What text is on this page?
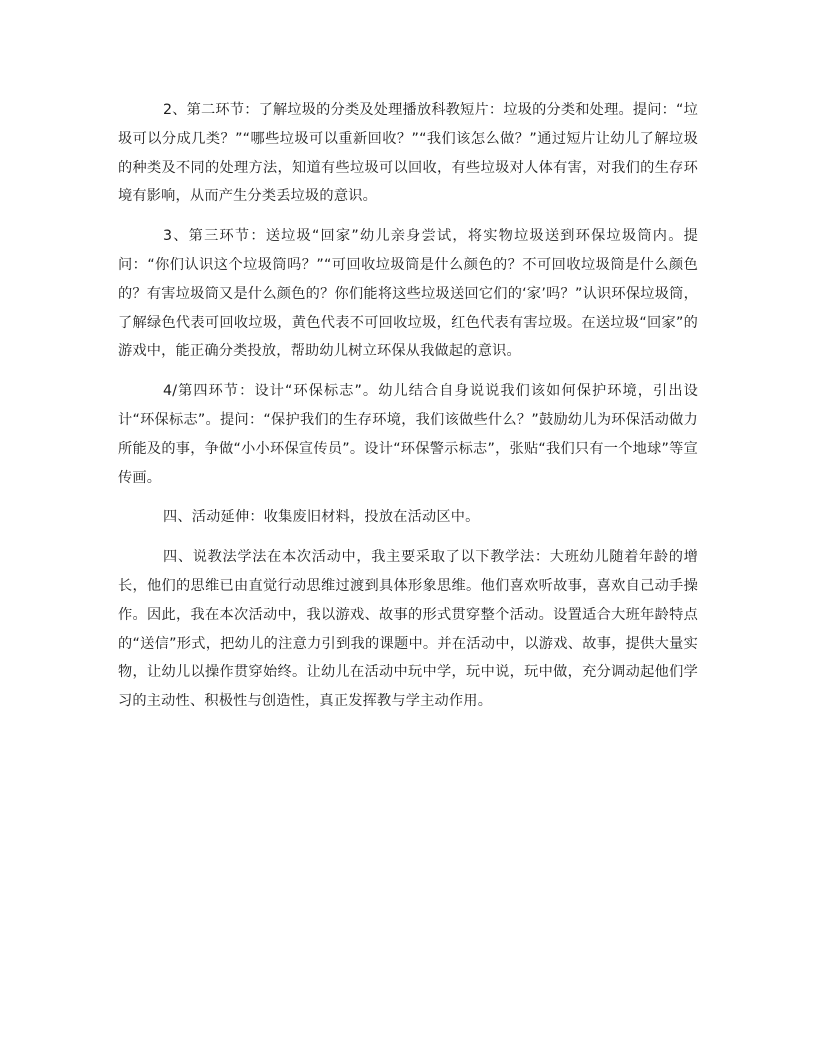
2、第二环节：了解垃圾的分类及处理播放科教短片：垃圾的分类和处理。提问：“垃圾可以分成几类？”“哪些垃圾可以重新回收？”“我们该怎么做？”通过短片让幼儿了解垃圾的种类及不同的处理方法，知道有些垃圾可以回收，有些垃圾对人体有害，对我们的生存环境有影响，从而产生分类丢垃圾的意识。

3、第三环节：送垃圾“回家”幼儿亲身尝试，将实物垃圾送到环保垃圾筒内。提问：“你们认识这个垃圾筒吗？”“可回收垃圾筒是什么颜色的？不可回收垃圾筒是什么颜色的？有害垃圾筒又是什么颜色的？你们能将这些垃圾送回它们的‘家’吗？”认识环保垃圾筒，了解绿色代表可回收垃圾，黄色代表不可回收垃圾，红色代表有害垃圾。在送垃圾“回家”的游戏中，能正确分类投放，帮助幼儿树立环保从我做起的意识。

4/第四环节：设计“环保标志”。幼儿结合自身说说我们该如何保护环境，引出设计“环保标志”。提问：“保护我们的生存环境，我们该做些什么？”鼓励幼儿为环保活动做力所能及的事，争做“小小环保宣传员”。设计“环保警示标志”，张贴“我们只有一个地球”等宣传画。

四、活动延伸：收集废旧材料，投放在活动区中。

四、说教法学法在本次活动中，我主要采取了以下教学法：大班幼儿随着年龄的增长，他们的思维已由直觉行动思维过渡到具体形象思维。他们喜欢听故事，喜欢自己动手操作。因此，我在本次活动中，我以游戏、故事的形式贯穿整个活动。设置适合大班年龄特点的“送信”形式，把幼儿的注意力引到我的课题中。并在活动中，以游戏、故事，提供大量实物，让幼儿以操作贯穿始终。让幼儿在活动中玩中学，玩中说，玩中做，充分调动起他们学习的主动性、积极性与创造性，真正发挥教与学主动作用。
